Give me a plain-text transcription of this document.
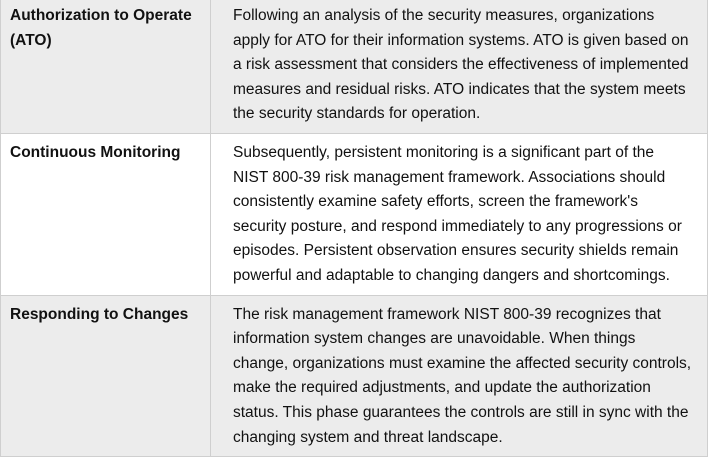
Authorization to Operate (ATO)	Following an analysis of the security measures, organizations apply for ATO for their information systems. ATO is given based on a risk assessment that considers the effectiveness of implemented measures and residual risks. ATO indicates that the system meets the security standards for operation.
Continuous Monitoring	Subsequently, persistent monitoring is a significant part of the NIST 800-39 risk management framework. Associations should consistently examine safety efforts, screen the framework's security posture, and respond immediately to any progressions or episodes. Persistent observation ensures security shields remain powerful and adaptable to changing dangers and shortcomings.
Responding to Changes	The risk management framework NIST 800-39 recognizes that information system changes are unavoidable. When things change, organizations must examine the affected security controls, make the required adjustments, and update the authorization status. This phase guarantees the controls are still in sync with the changing system and threat landscape.
